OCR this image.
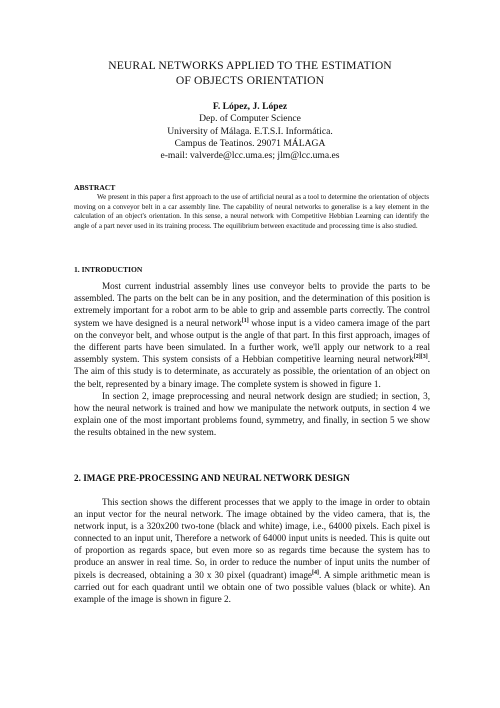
NEURAL NETWORKS APPLIED TO THE ESTIMATION
OF OBJECTS ORIENTATION
F. López, J. López
Dep. of Computer Science
University of Málaga. E.T.S.I. Informática.
Campus de Teatinos. 29071 MÁLAGA
e-mail: valverde@lcc.uma.es; jlm@lcc.uma.es
ABSTRACT

We present in this paper a first approach to the use of artificial neural as a tool to determine the orientation of objects moving on a conveyor belt in a car assembly line. The capability of neural networks to generalise is a key element in the calculation of an object's orientation. In this sense, a neural network with Competitive Hebbian Learning can identify the angle of a part never used in its training process. The equilibrium between exactitude and processing time is also studied.

1. INTRODUCTION

Most current industrial assembly lines use conveyor belts to provide the parts to be assembled. The parts on the belt can be in any position, and the determination of this position is extremely important for a robot arm to be able to grip and assemble parts correctly. The control system we have designed is a neural network[1] whose input is a video camera image of the part on the conveyor belt, and whose output is the angle of that part. In this first approach, images of the different parts have been simulated. In a further work, we'll apply our network to a real assembly system. This system consists of a Hebbian competitive learning neural network[2][3]. The aim of this study is to determinate, as accurately as possible, the orientation of an object on the belt, represented by a binary image. The complete system is showed in figure 1.

In section 2, image preprocessing and neural network design are studied; in section, 3, how the neural network is trained and how we manipulate the network outputs, in section 4 we explain one of the most important problems found, symmetry, and finally, in section 5 we show the results obtained in the new system.

2. IMAGE PRE-PROCESSING AND NEURAL NETWORK DESIGN

This section shows the different processes that we apply to the image in order to obtain an input vector for the neural network. The image obtained by the video camera, that is, the network input, is a 320x200 two-tone (black and white) image, i.e., 64000 pixels. Each pixel is connected to an input unit, Therefore a network of 64000 input units is needed. This is quite out of proportion as regards space, but even more so as regards time because the system has to produce an answer in real time. So, in order to reduce the number of input units the number of pixels is decreased, obtaining a 30 x 30 pixel (quadrant) image[4]. A simple arithmetic mean is carried out for each quadrant until we obtain one of two possible values (black or white). An example of the image is shown in figure 2.
